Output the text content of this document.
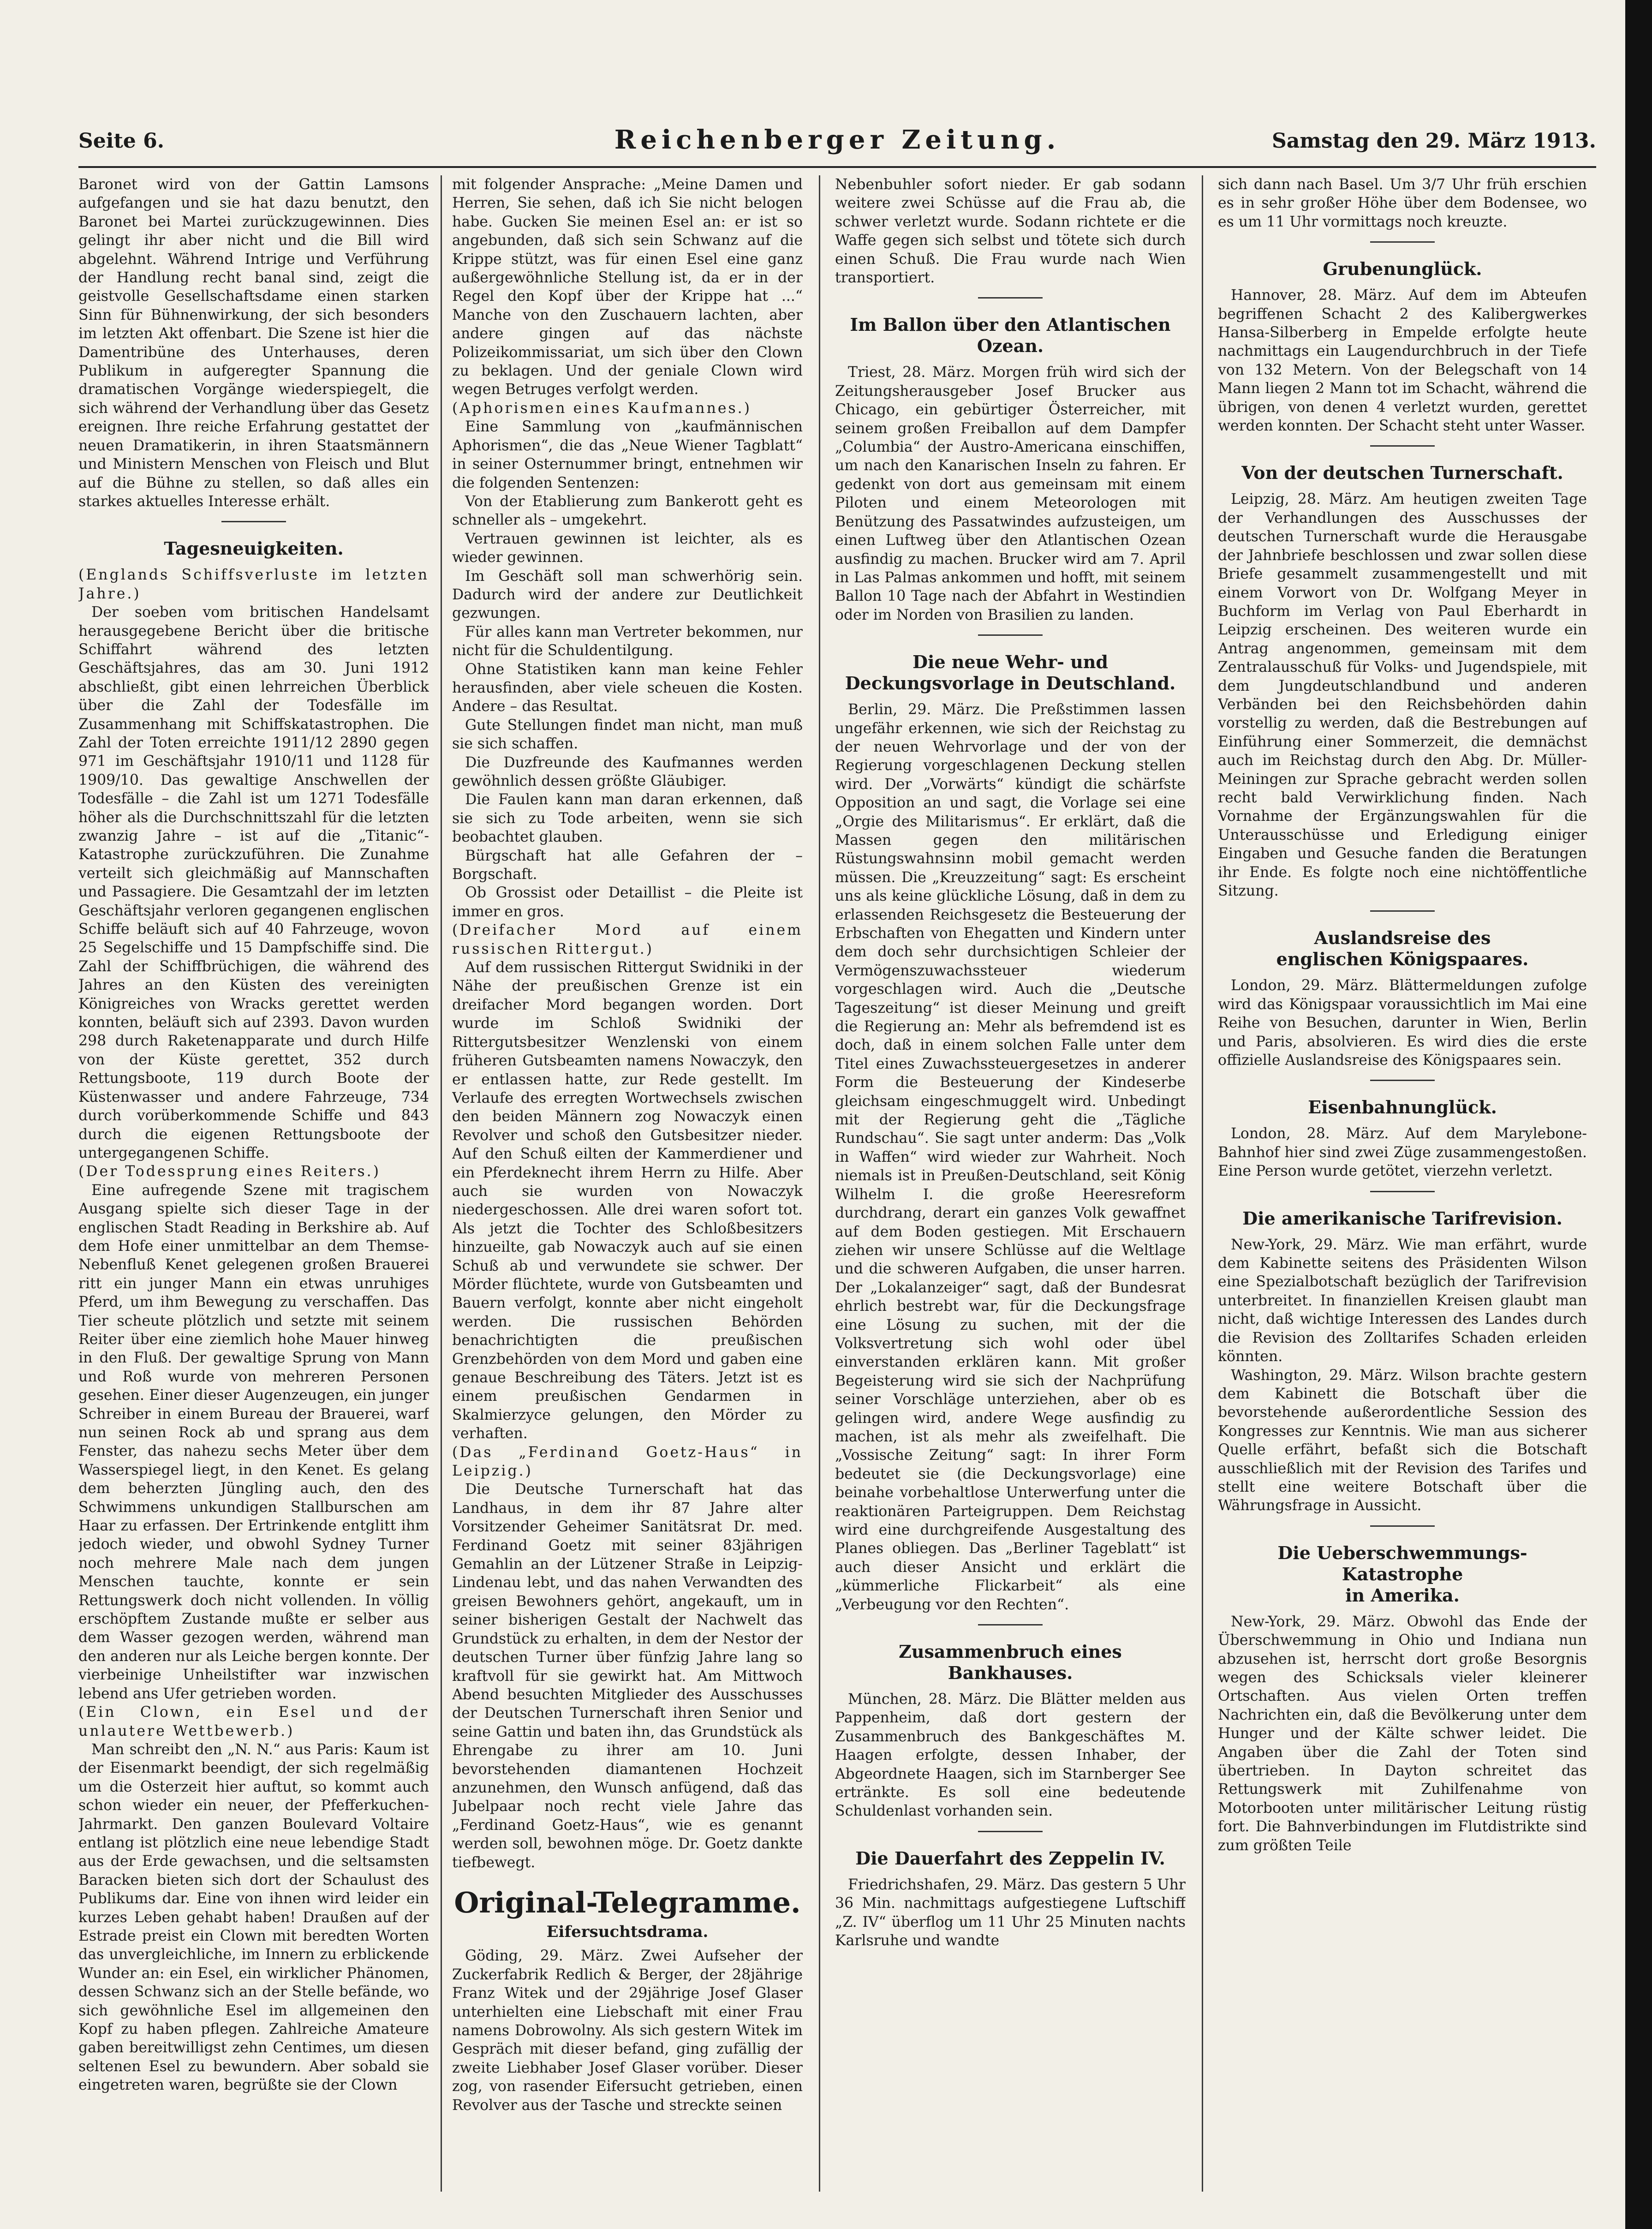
Seite 6.	Reichenberger Zeitung.	Samstag den 29. März 1913.

Baronet wird von der Gattin Lamsons aufgefangen und sie hat dazu benutzt, den Baronet bei Martei zurückzugewinnen. Dies gelingt ihr aber nicht und die Bill wird abgelehnt. Während Intrige und Verführung der Handlung recht banal sind, zeigt die geistvolle Gesellschaftsdame einen starken Sinn für Bühnenwirkung, der sich besonders im letzten Akt offenbart. Die Szene ist hier die Damentribüne des Unterhauses, deren Publikum in aufgeregter Spannung die dramatischen Vorgänge wiederspiegelt, die sich während der Verhandlung über das Gesetz ereignen. Ihre reiche Erfahrung gestattet der neuen Dramatikerin, in ihren Staatsmännern und Ministern Menschen von Fleisch und Blut auf die Bühne zu stellen, so daß alles ein starkes aktuelles Interesse erhält.

Tagesneuigkeiten.

(Englands Schiffsverluste im letzten Jahre.)

Der soeben vom britischen Handelsamt herausgegebene Bericht über die britische Schiffahrt während des letzten Geschäftsjahres, das am 30. Juni 1912 abschließt, gibt einen lehrreichen Überblick über die Zahl der Todesfälle im Zusammenhang mit Schiffskatastrophen. Die Zahl der Toten erreichte 1911/12 2890 gegen 971 im Geschäftsjahr 1910/11 und 1128 für 1909/10. Das gewaltige Anschwellen der Todesfälle – die Zahl ist um 1271 Todesfälle höher als die Durchschnittszahl für die letzten zwanzig Jahre – ist auf die „Titanic“-Katastrophe zurückzuführen. Die Zunahme verteilt sich gleichmäßig auf Mannschaften und Passagiere. Die Gesamtzahl der im letzten Geschäftsjahr verloren gegangenen englischen Schiffe beläuft sich auf 40 Fahrzeuge, wovon 25 Segelschiffe und 15 Dampfschiffe sind. Die Zahl der Schiffbrüchigen, die während des Jahres an den Küsten des vereinigten Königreiches von Wracks gerettet werden konnten, beläuft sich auf 2393. Davon wurden 298 durch Raketenapparate und durch Hilfe von der Küste gerettet, 352 durch Rettungsboote, 119 durch Boote der Küstenwasser und andere Fahrzeuge, 734 durch vorüberkommende Schiffe und 843 durch die eigenen Rettungsboote der untergegangenen Schiffe.

(Der Todessprung eines Reiters.)

Eine aufregende Szene mit tragischem Ausgang spielte sich dieser Tage in der englischen Stadt Reading in Berkshire ab. Auf dem Hofe einer unmittelbar an dem Themse-Nebenfluß Kenet gelegenen großen Brauerei ritt ein junger Mann ein etwas unruhiges Pferd, um ihm Bewegung zu verschaffen. Das Tier scheute plötzlich und setzte mit seinem Reiter über eine ziemlich hohe Mauer hinweg in den Fluß. Der gewaltige Sprung von Mann und Roß wurde von mehreren Personen gesehen. Einer dieser Augenzeugen, ein junger Schreiber in einem Bureau der Brauerei, warf nun seinen Rock ab und sprang aus dem Fenster, das nahezu sechs Meter über dem Wasserspiegel liegt, in den Kenet. Es gelang dem beherzten Jüngling auch, den des Schwimmens unkundigen Stallburschen am Haar zu erfassen. Der Ertrinkende entglitt ihm jedoch wieder, und obwohl Sydney Turner noch mehrere Male nach dem jungen Menschen tauchte, konnte er sein Rettungswerk doch nicht vollenden. In völlig erschöpftem Zustande mußte er selber aus dem Wasser gezogen werden, während man den anderen nur als Leiche bergen konnte. Der vierbeinige Unheilstifter war inzwischen lebend ans Ufer getrieben worden.

(Ein Clown, ein Esel und der unlautere Wettbewerb.)

Man schreibt den „N. N.“ aus Paris: Kaum ist der Eisenmarkt beendigt, der sich regelmäßig um die Osterzeit hier auftut, so kommt auch schon wieder ein neuer, der Pfefferkuchen-Jahrmarkt. Den ganzen Boulevard Voltaire entlang ist plötzlich eine neue lebendige Stadt aus der Erde gewachsen, und die seltsamsten Baracken bieten sich dort der Schaulust des Publikums dar. Eine von ihnen wird leider ein kurzes Leben gehabt haben! Draußen auf der Estrade preist ein Clown mit beredten Worten das unvergleichliche, im Innern zu erblickende Wunder an: ein Esel, ein wirklicher Phänomen, dessen Schwanz sich an der Stelle befände, wo sich gewöhnliche Esel im allgemeinen den Kopf zu haben pflegen. Zahlreiche Amateure gaben bereitwilligst zehn Centimes, um diesen seltenen Esel zu bewundern. Aber sobald sie eingetreten waren, begrüßte sie der Clown

mit folgender Ansprache: „Meine Damen und Herren, Sie sehen, daß ich Sie nicht belogen habe. Gucken Sie meinen Esel an: er ist so angebunden, daß sich sein Schwanz auf die Krippe stützt, was für einen Esel eine ganz außergewöhnliche Stellung ist, da er in der Regel den Kopf über der Krippe hat ...“ Manche von den Zuschauern lachten, aber andere gingen auf das nächste Polizeikommissariat, um sich über den Clown zu beklagen. Und der geniale Clown wird wegen Betruges verfolgt werden.

(Aphorismen eines Kaufmannes.)

Eine Sammlung von „kaufmännischen Aphorismen“, die das „Neue Wiener Tagblatt“ in seiner Osternummer bringt, entnehmen wir die folgenden Sentenzen:

Von der Etablierung zum Bankerott geht es schneller als – umgekehrt.

Vertrauen gewinnen ist leichter, als es wieder gewinnen.

Im Geschäft soll man schwerhörig sein. Dadurch wird der andere zur Deutlichkeit gezwungen.

Für alles kann man Vertreter bekommen, nur nicht für die Schuldentilgung.

Ohne Statistiken kann man keine Fehler herausfinden, aber viele scheuen die Kosten. Andere – das Resultat.

Gute Stellungen findet man nicht, man muß sie sich schaffen.

Die Duzfreunde des Kaufmannes werden gewöhnlich dessen größte Gläubiger.

Die Faulen kann man daran erkennen, daß sie sich zu Tode arbeiten, wenn sie sich beobachtet glauben.

Bürgschaft hat alle Gefahren der – Borgschaft.

Ob Grossist oder Detaillist – die Pleite ist immer en gros.

(Dreifacher Mord auf einem russischen Rittergut.)

Auf dem russischen Rittergut Swidniki in der Nähe der preußischen Grenze ist ein dreifacher Mord begangen worden. Dort wurde im Schloß Swidniki der Rittergutsbesitzer Wenzlenski von einem früheren Gutsbeamten namens Nowaczyk, den er entlassen hatte, zur Rede gestellt. Im Verlaufe des erregten Wortwechsels zwischen den beiden Männern zog Nowaczyk einen Revolver und schoß den Gutsbesitzer nieder. Auf den Schuß eilten der Kammerdiener und ein Pferdeknecht ihrem Herrn zu Hilfe. Aber auch sie wurden von Nowaczyk niedergeschossen. Alle drei waren sofort tot. Als jetzt die Tochter des Schloßbesitzers hinzueilte, gab Nowaczyk auch auf sie einen Schuß ab und verwundete sie schwer. Der Mörder flüchtete, wurde von Gutsbeamten und Bauern verfolgt, konnte aber nicht eingeholt werden. Die russischen Behörden benachrichtigten die preußischen Grenzbehörden von dem Mord und gaben eine genaue Beschreibung des Täters. Jetzt ist es einem preußischen Gendarmen in Skalmierzyce gelungen, den Mörder zu verhaften.

(Das „Ferdinand Goetz-Haus“ in Leipzig.)

Die Deutsche Turnerschaft hat das Landhaus, in dem ihr 87 Jahre alter Vorsitzender Geheimer Sanitätsrat Dr. med. Ferdinand Goetz mit seiner 83jährigen Gemahlin an der Lützener Straße in Leipzig-Lindenau lebt, und das nahen Verwandten des greisen Bewohners gehört, angekauft, um in seiner bisherigen Gestalt der Nachwelt das Grundstück zu erhalten, in dem der Nestor der deutschen Turner über fünfzig Jahre lang so kraftvoll für sie gewirkt hat. Am Mittwoch Abend besuchten Mitglieder des Ausschusses der Deutschen Turnerschaft ihren Senior und seine Gattin und baten ihn, das Grundstück als Ehrengabe zu ihrer am 10. Juni bevorstehenden diamantenen Hochzeit anzunehmen, den Wunsch anfügend, daß das Jubelpaar noch recht viele Jahre das „Ferdinand Goetz-Haus“, wie es genannt werden soll, bewohnen möge. Dr. Goetz dankte tiefbewegt.

Original-Telegramme.
Eifersuchtsdrama.

Göding, 29. März. Zwei Aufseher der Zuckerfabrik Redlich & Berger, der 28jährige Franz Witek und der 29jährige Josef Glaser unterhielten eine Liebschaft mit einer Frau namens Dobrowolny. Als sich gestern Witek im Gespräch mit dieser befand, ging zufällig der zweite Liebhaber Josef Glaser vorüber. Dieser zog, von rasender Eifersucht getrieben, einen Revolver aus der Tasche und streckte seinen

Nebenbuhler sofort nieder. Er gab sodann weitere zwei Schüsse auf die Frau ab, die schwer verletzt wurde. Sodann richtete er die Waffe gegen sich selbst und tötete sich durch einen Schuß. Die Frau wurde nach Wien transportiert.

Im Ballon über den Atlantischen Ozean.

Triest, 28. März. Morgen früh wird sich der Zeitungsherausgeber Josef Brucker aus Chicago, ein gebürtiger Österreicher, mit seinem großen Freiballon auf dem Dampfer „Columbia“ der Austro-Americana einschiffen, um nach den Kanarischen Inseln zu fahren. Er gedenkt von dort aus gemeinsam mit einem Piloten und einem Meteorologen mit Benützung des Passatwindes aufzusteigen, um einen Luftweg über den Atlantischen Ozean ausfindig zu machen. Brucker wird am 7. April in Las Palmas ankommen und hofft, mit seinem Ballon 10 Tage nach der Abfahrt in Westindien oder im Norden von Brasilien zu landen.

Die neue Wehr- und Deckungsvorlage in Deutschland.

Berlin, 29. März. Die Preßstimmen lassen ungefähr erkennen, wie sich der Reichstag zu der neuen Wehrvorlage und der von der Regierung vorgeschlagenen Deckung stellen wird. Der „Vorwärts“ kündigt die schärfste Opposition an und sagt, die Vorlage sei eine „Orgie des Militarismus“. Er erklärt, daß die Massen gegen den militärischen Rüstungswahnsinn mobil gemacht werden müssen. Die „Kreuzzeitung“ sagt: Es erscheint uns als keine glückliche Lösung, daß in dem zu erlassenden Reichsgesetz die Besteuerung der Erbschaften von Ehegatten und Kindern unter dem doch sehr durchsichtigen Schleier der Vermögenszuwachssteuer wiederum vorgeschlagen wird. Auch die „Deutsche Tageszeitung“ ist dieser Meinung und greift die Regierung an: Mehr als befremdend ist es doch, daß in einem solchen Falle unter dem Titel eines Zuwachssteuergesetzes in anderer Form die Besteuerung der Kindeserbe gleichsam eingeschmuggelt wird. Unbedingt mit der Regierung geht die „Tägliche Rundschau“. Sie sagt unter anderm: Das „Volk in Waffen“ wird wieder zur Wahrheit. Noch niemals ist in Preußen-Deutschland, seit König Wilhelm I. die große Heeresreform durchdrang, derart ein ganzes Volk gewaffnet auf dem Boden gestiegen. Mit Erschauern ziehen wir unsere Schlüsse auf die Weltlage und die schweren Aufgaben, die unser harren. Der „Lokalanzeiger“ sagt, daß der Bundesrat ehrlich bestrebt war, für die Deckungsfrage eine Lösung zu suchen, mit der die Volksvertretung sich wohl oder übel einverstanden erklären kann. Mit großer Begeisterung wird sie sich der Nachprüfung seiner Vorschläge unterziehen, aber ob es gelingen wird, andere Wege ausfindig zu machen, ist als mehr als zweifelhaft. Die „Vossische Zeitung“ sagt: In ihrer Form bedeutet sie (die Deckungsvorlage) eine beinahe vorbehaltlose Unterwerfung unter die reaktionären Parteigruppen. Dem Reichstag wird eine durchgreifende Ausgestaltung des Planes obliegen. Das „Berliner Tageblatt“ ist auch dieser Ansicht und erklärt die „kümmerliche Flickarbeit“ als eine „Verbeugung vor den Rechten“.

Zusammenbruch eines Bankhauses.

München, 28. März. Die Blätter melden aus Pappenheim, daß dort gestern der Zusammenbruch des Bankgeschäftes M. Haagen erfolgte, dessen Inhaber, der Abgeordnete Haagen, sich im Starnberger See ertränkte. Es soll eine bedeutende Schuldenlast vorhanden sein.

Die Dauerfahrt des Zeppelin IV.

Friedrichshafen, 29. März. Das gestern 5 Uhr 36 Min. nachmittags aufgestiegene Luftschiff „Z. IV“ überflog um 11 Uhr 25 Minuten nachts Karlsruhe und wandte

sich dann nach Basel. Um 3/7 Uhr früh erschien es in sehr großer Höhe über dem Bodensee, wo es um 11 Uhr vormittags noch kreuzte.

Grubenunglück.

Hannover, 28. März. Auf dem im Abteufen begriffenen Schacht 2 des Kalibergwerkes Hansa-Silberberg in Empelde erfolgte heute nachmittags ein Laugendurchbruch in der Tiefe von 132 Metern. Von der Belegschaft von 14 Mann liegen 2 Mann tot im Schacht, während die übrigen, von denen 4 verletzt wurden, gerettet werden konnten. Der Schacht steht unter Wasser.

Von der deutschen Turnerschaft.

Leipzig, 28. März. Am heutigen zweiten Tage der Verhandlungen des Ausschusses der deutschen Turnerschaft wurde die Herausgabe der Jahnbriefe beschlossen und zwar sollen diese Briefe gesammelt zusammengestellt und mit einem Vorwort von Dr. Wolfgang Meyer in Buchform im Verlag von Paul Eberhardt in Leipzig erscheinen. Des weiteren wurde ein Antrag angenommen, gemeinsam mit dem Zentralausschuß für Volks- und Jugendspiele, mit dem Jungdeutschlandbund und anderen Verbänden bei den Reichsbehörden dahin vorstellig zu werden, daß die Bestrebungen auf Einführung einer Sommerzeit, die demnächst auch im Reichstag durch den Abg. Dr. Müller-Meiningen zur Sprache gebracht werden sollen recht bald Verwirklichung finden. Nach Vornahme der Ergänzungswahlen für die Unterausschüsse und Erledigung einiger Eingaben und Gesuche fanden die Beratungen ihr Ende. Es folgte noch eine nichtöffentliche Sitzung.

Auslandsreise des
englischen Königspaares.

London, 29. März. Blättermeldungen zufolge wird das Königspaar voraussichtlich im Mai eine Reihe von Besuchen, darunter in Wien, Berlin und Paris, absolvieren. Es wird dies die erste offizielle Auslandsreise des Königspaares sein.

Eisenbahnunglück.

London, 28. März. Auf dem Marylebone-Bahnhof hier sind zwei Züge zusammengestoßen. Eine Person wurde getötet, vierzehn verletzt.

Die amerikanische Tarifrevision.

New-York, 29. März. Wie man erfährt, wurde dem Kabinette seitens des Präsidenten Wilson eine Spezialbotschaft bezüglich der Tarifrevision unterbreitet. In finanziellen Kreisen glaubt man nicht, daß wichtige Interessen des Landes durch die Revision des Zolltarifes Schaden erleiden könnten.

Washington, 29. März. Wilson brachte gestern dem Kabinett die Botschaft über die bevorstehende außerordentliche Session des Kongresses zur Kenntnis. Wie man aus sicherer Quelle erfährt, befaßt sich die Botschaft ausschließlich mit der Revision des Tarifes und stellt eine weitere Botschaft über die Währungsfrage in Aussicht.

Die Ueberschwemmungs-Katastrophe
in Amerika.

New-York, 29. März. Obwohl das Ende der Überschwemmung in Ohio und Indiana nun abzusehen ist, herrscht dort große Besorgnis wegen des Schicksals vieler kleinerer Ortschaften. Aus vielen Orten treffen Nachrichten ein, daß die Bevölkerung unter dem Hunger und der Kälte schwer leidet. Die Angaben über die Zahl der Toten sind übertrieben. In Dayton schreitet das Rettungswerk mit Zuhilfenahme von Motorbooten unter militärischer Leitung rüstig fort. Die Bahnverbindungen im Flutdistrikte sind zum größten Teile
